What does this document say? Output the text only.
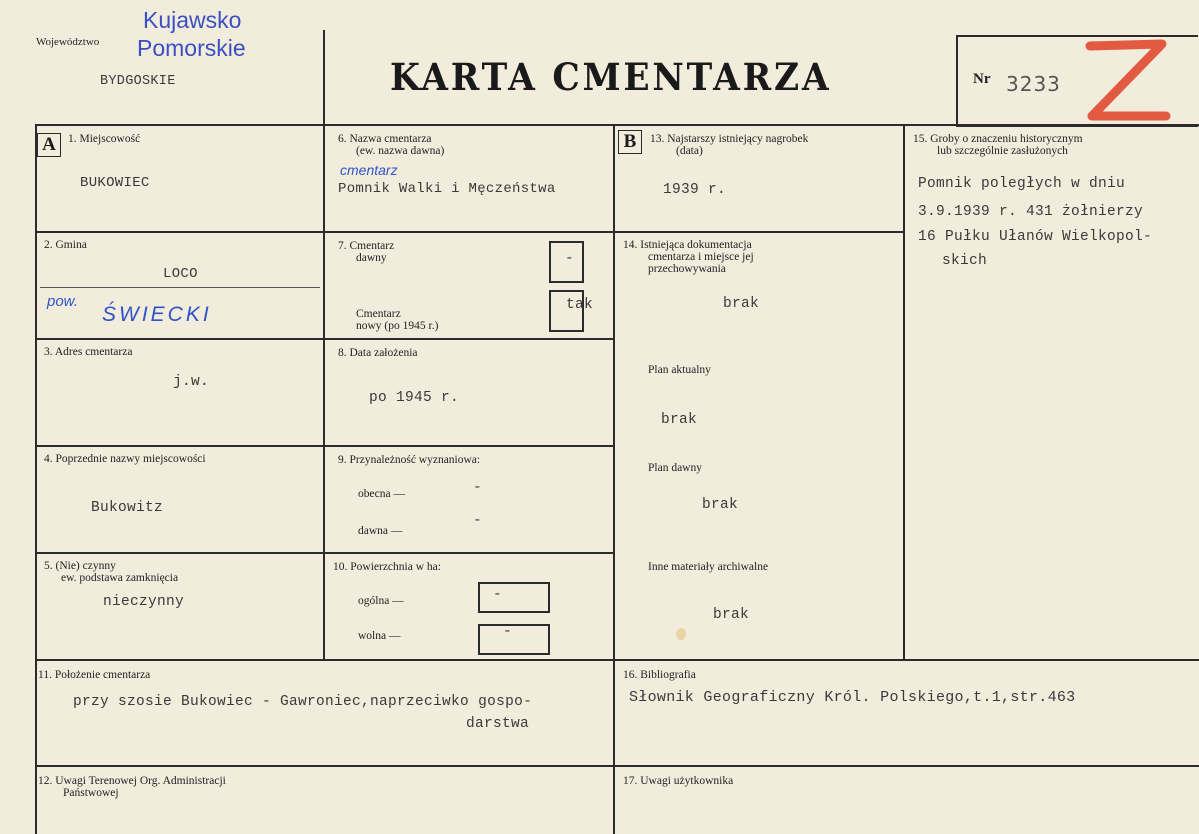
Województwo
Kujawsko
Pomorskie
BYDGOSKIE	KARTA CMENTARZA	Nr 3233
A	B
1. Miejscowość
BUKOWIEC
2. Gmina
LOCO
pow.
ŚWIECKI
3. Adres cmentarza
j.w.
4. Poprzednie nazwy miejscowości
Bukowitz
5. (Nie) czynny
ew. podstawa zamknięcia
nieczynny
6. Nazwa cmentarza
(ew. nazwa dawna)
cmentarz
Pomnik Walki i Męczeństwa
7. Cmentarz
dawny	-
Cmentarz
nowy (po 1945 r.)
tak
8. Data założenia
po 1945 r.
9. Przynależność wyznaniowa:
obecna —	-
dawna —
-
10. Powierzchnia w ha:
ogólna —	-
wolna —	-
13. Najstarszy istniejący nagrobek
(data)
1939 r.
14. Istniejąca dokumentacja
cmentarza i miejsce jej
przechowywania
brak
Plan aktualny
brak
Plan dawny
brak
Inne materiały archiwalne
brak
15. Groby o znaczeniu historycznym
lub szczególnie zasłużonych
Pomnik poległych w dniu
3.9.1939 r. 431 żołnierzy
16 Pułku Ułanów Wielkopol-
skich
11. Położenie cmentarza
przy szosie Bukowiec - Gawroniec,naprzeciwko gospo-
darstwa
16. Bibliografia
Słownik Geograficzny Król. Polskiego,t.1,str.463
12. Uwagi Terenowej Org. Administracji
Państwowej
17. Uwagi użytkownika
